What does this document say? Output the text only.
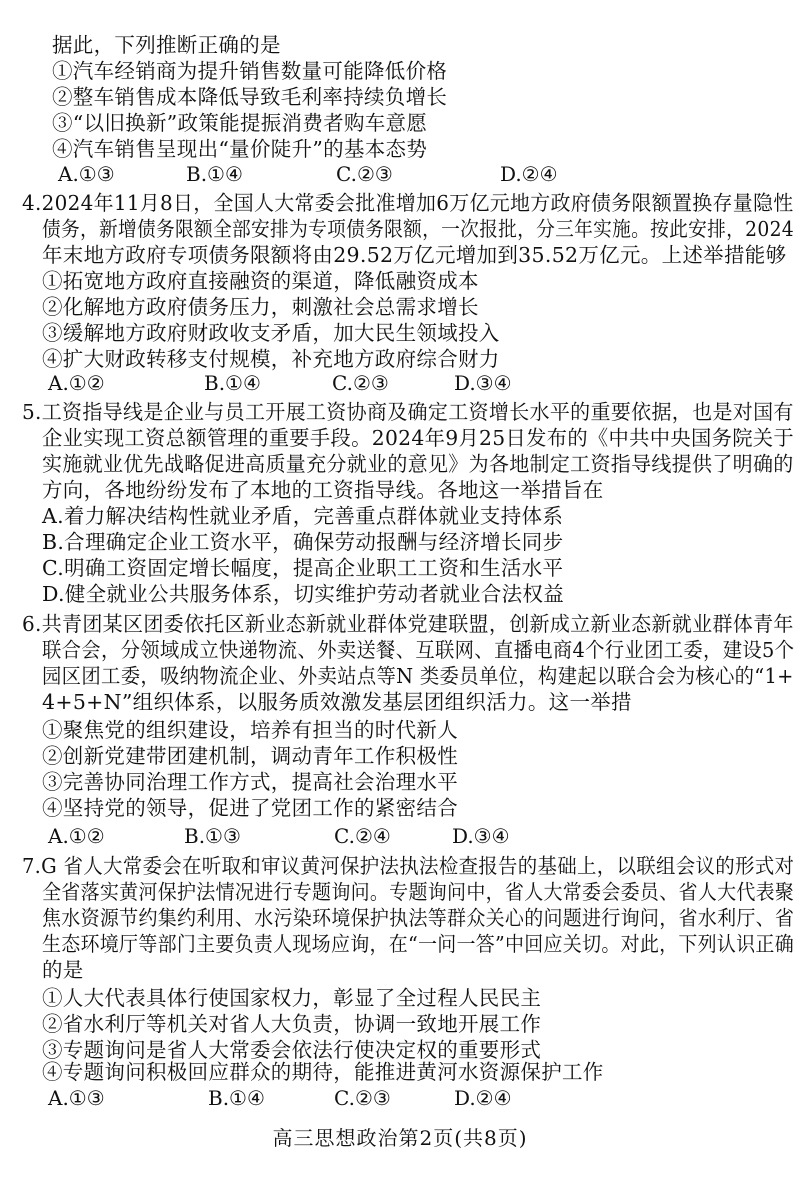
据此，下列推断正确的是
①汽车经销商为提升销售数量可能降低价格
②整车销售成本降低导致毛利率持续负增长
③“以旧换新”政策能提振消费者购车意愿
④汽车销售呈现出“量价陡升”的基本态势
A.①③	B.①④	C.②③	D.②④
4.2024年11月8日，全国人大常委会批准增加6万亿元地方政府债务限额置换存量隐性
债务，新增债务限额全部安排为专项债务限额，一次报批，分三年实施。按此安排，2024
年末地方政府专项债务限额将由29.52万亿元增加到35.52万亿元。上述举措能够
①拓宽地方政府直接融资的渠道，降低融资成本
②化解地方政府债务压力，刺激社会总需求增长
③缓解地方政府财政收支矛盾，加大民生领域投入
④扩大财政转移支付规模，补充地方政府综合财力
A.①②	B.①④	C.②③	D.③④
5.工资指导线是企业与员工开展工资协商及确定工资增长水平的重要依据，也是对国有
企业实现工资总额管理的重要手段。2024年9月25日发布的《中共中央国务院关于
实施就业优先战略促进高质量充分就业的意见》为各地制定工资指导线提供了明确的
方向，各地纷纷发布了本地的工资指导线。各地这一举措旨在
A.着力解决结构性就业矛盾，完善重点群体就业支持体系
B.合理确定企业工资水平，确保劳动报酬与经济增长同步
C.明确工资固定增长幅度，提高企业职工工资和生活水平
D.健全就业公共服务体系，切实维护劳动者就业合法权益
6.共青团某区团委依托区新业态新就业群体党建联盟，创新成立新业态新就业群体青年
联合会，分领域成立快递物流、外卖送餐、互联网、直播电商4个行业团工委，建设5个
园区团工委，吸纳物流企业、外卖站点等N 类委员单位，构建起以联合会为核心的“1+
4+5+N”组织体系，以服务质效激发基层团组织活力。这一举措
①聚焦党的组织建设，培养有担当的时代新人
②创新党建带团建机制，调动青年工作积极性
③完善协同治理工作方式，提高社会治理水平
④坚持党的领导，促进了党团工作的紧密结合
A.①②	B.①③	C.②④	D.③④
7.G 省人大常委会在听取和审议黄河保护法执法检查报告的基础上，以联组会议的形式对
全省落实黄河保护法情况进行专题询问。专题询问中，省人大常委会委员、省人大代表聚
焦水资源节约集约利用、水污染环境保护执法等群众关心的问题进行询问，省水利厅、省
生态环境厅等部门主要负责人现场应询，在“一问一答”中回应关切。对此，下列认识正确
的是
①人大代表具体行使国家权力，彰显了全过程人民民主
②省水利厅等机关对省人大负责，协调一致地开展工作
③专题询问是省人大常委会依法行使决定权的重要形式
④专题询问积极回应群众的期待，能推进黄河水资源保护工作
A.①③	B.①④	C.②③	D.②④
高三思想政治第2页(共8页)
